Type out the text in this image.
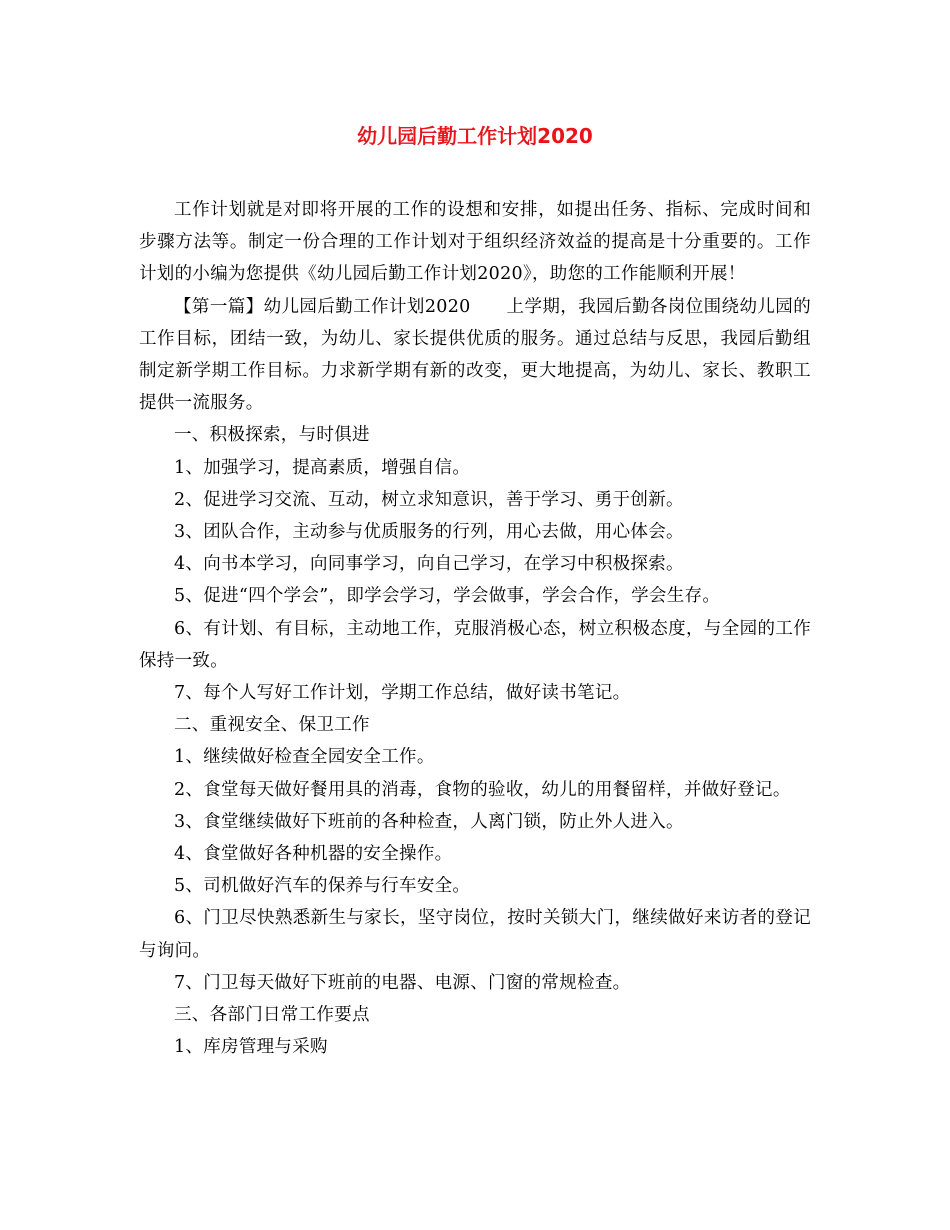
幼儿园后勤工作计划2020

工作计划就是对即将开展的工作的设想和安排，如提出任务、指标、完成时间和步骤方法等。制定一份合理的工作计划对于组织经济效益的提高是十分重要的。工作计划的小编为您提供《幼儿园后勤工作计划2020》，助您的工作能顺利开展！

【第一篇】幼儿园后勤工作计划2020　　上学期，我园后勤各岗位围绕幼儿园的工作目标，团结一致，为幼儿、家长提供优质的服务。通过总结与反思，我园后勤组制定新学期工作目标。力求新学期有新的改变，更大地提高，为幼儿、家长、教职工提供一流服务。

一、积极探索，与时俱进

1、加强学习，提高素质，增强自信。

2、促进学习交流、互动，树立求知意识，善于学习、勇于创新。

3、团队合作，主动参与优质服务的行列，用心去做，用心体会。

4、向书本学习，向同事学习，向自己学习，在学习中积极探索。

5、促进“四个学会”，即学会学习，学会做事，学会合作，学会生存。

6、有计划、有目标，主动地工作，克服消极心态，树立积极态度，与全园的工作保持一致。

7、每个人写好工作计划，学期工作总结，做好读书笔记。

二、重视安全、保卫工作

1、继续做好检查全园安全工作。

2、食堂每天做好餐用具的消毒，食物的验收，幼儿的用餐留样，并做好登记。

3、食堂继续做好下班前的各种检查，人离门锁，防止外人进入。

4、食堂做好各种机器的安全操作。

5、司机做好汽车的保养与行车安全。

6、门卫尽快熟悉新生与家长，坚守岗位，按时关锁大门，继续做好来访者的登记与询问。

7、门卫每天做好下班前的电器、电源、门窗的常规检查。

三、各部门日常工作要点

1、库房管理与采购
